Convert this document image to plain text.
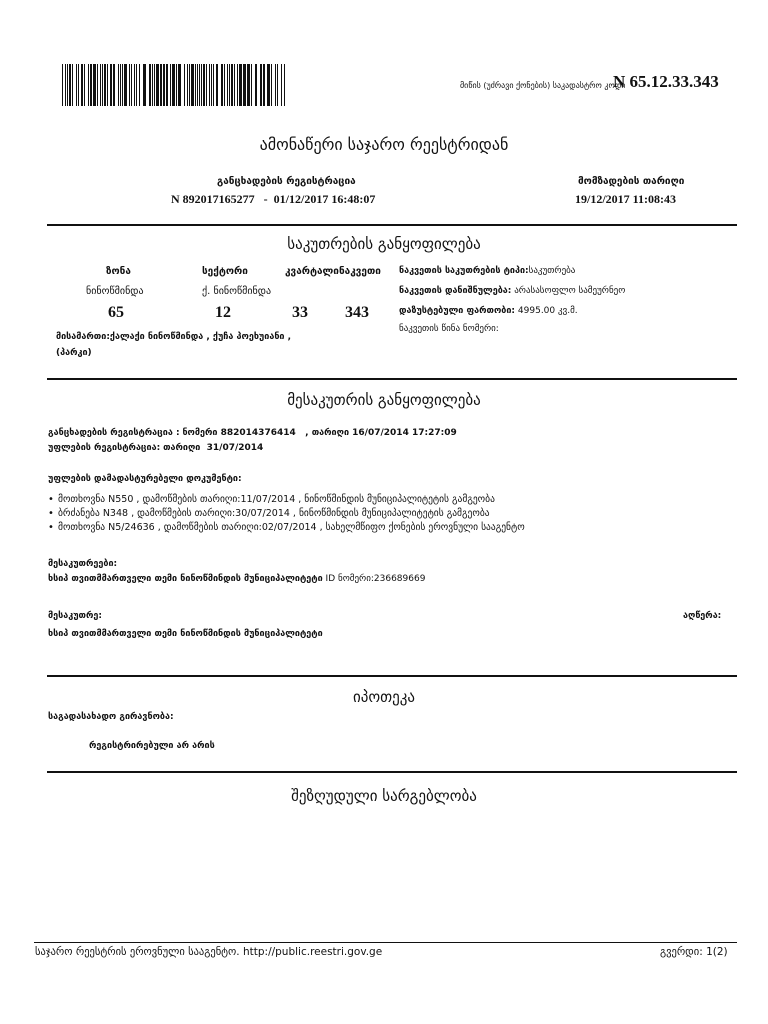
მიწის (უძრავი ქონების) საკადასტრო კოდი
N 65.12.33.343
ამონაწერი საჯარო რეესტრიდან
განცხადების რეგისტრაცია
N 892017165277   -  01/12/2017 16:48:07
მომზადების თარიღი
19/12/2017 11:08:43
საკუთრების განყოფილება
ზონა	სექტორი	კვარტალი ნაკვეთი
ნინოწმინდა	ქ. ნინოწმინდა
65	12	33 343
მისამართი:ქალაქი ნინოწმინდა , ქუჩა პოეხუიანი ,
(პარკი)
ნაკვეთის საკუთრების ტიპი:საკუთრება
ნაკვეთის დანიშნულება: არასასოფლო სამეურნეო
დაზუსტებული ფართობი: 4995.00 კვ.მ.
ნაკვეთის წინა ნომერი:
მესაკუთრის განყოფილება
განცხადების რეგისტრაცია : ნომერი 882014376414   , თარიღი 16/07/2014 17:27:09
უფლების რეგისტრაცია: თარიღი  31/07/2014
უფლების დამადასტურებელი დოკუმენტი:
• მოთხოვნა N550 , დამოწმების თარიღი:11/07/2014 , ნინოწმინდის მუნიციპალიტეტის გამგეობა
• ბრძანება N348 , დამოწმების თარიღი:30/07/2014 , ნინოწმინდის მუნიციპალიტეტის გამგეობა
• მოთხოვნა N5/24636 , დამოწმების თარიღი:02/07/2014 , სახელმწიფო ქონების ეროვნული სააგენტო
მესაკუთრეები:
ხსიპ თვითმმართველი თემი ნინოწმინდის მუნიციპალიტეტი ID ნომერი:236689669
მესაკუთრე:	აღწერა:
ხსიპ თვითმმართველი თემი ნინოწმინდის მუნიციპალიტეტი
იპოთეკა
საგადასახადო გირავნობა:
რეგისტრირებული არ არის
შეზღუდული სარგებლობა
საჯარო რეესტრის ეროვნული სააგენტო. http://public.reestri.gov.ge	გვერდი: 1(2)
